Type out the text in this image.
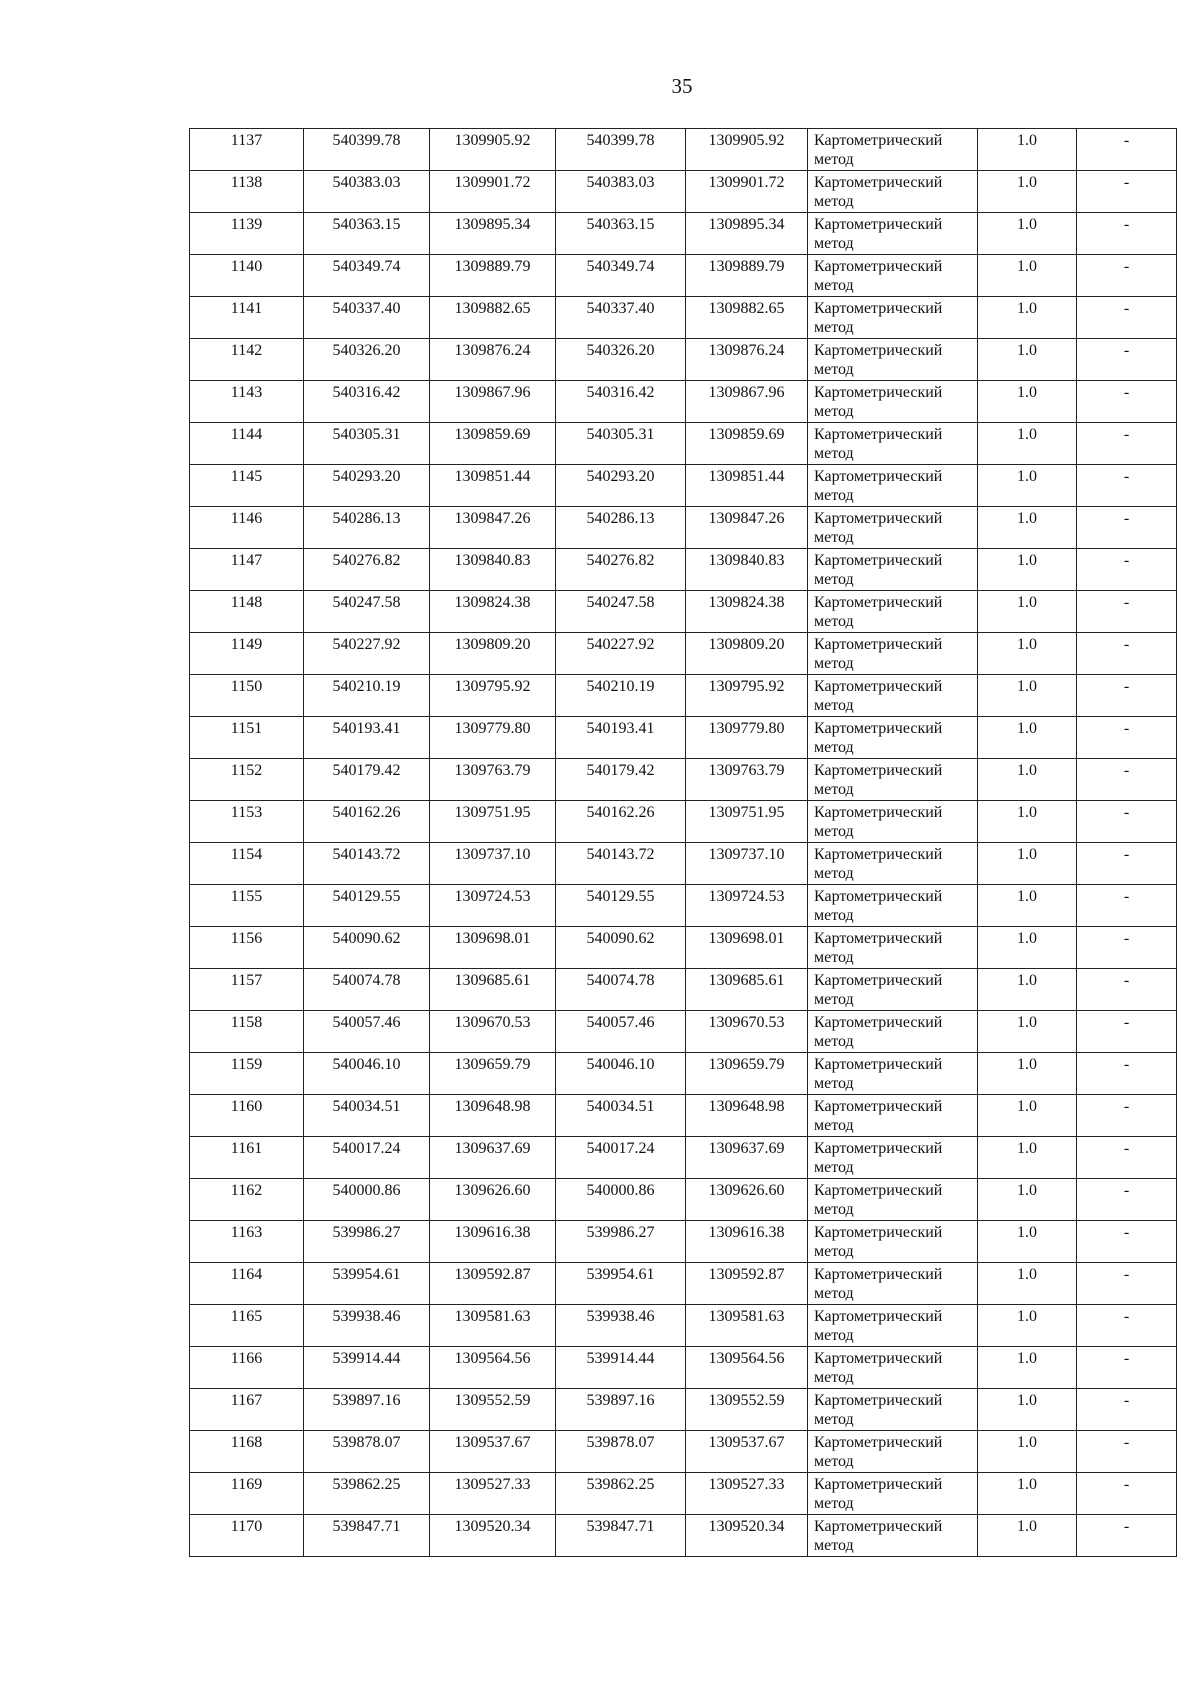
35
1137	540399.78	1309905.92	540399.78	1309905.92	Картометрический метод	1.0	-
1138	540383.03	1309901.72	540383.03	1309901.72	Картометрический метод	1.0	-
1139	540363.15	1309895.34	540363.15	1309895.34	Картометрический метод	1.0	-
1140	540349.74	1309889.79	540349.74	1309889.79	Картометрический метод	1.0	-
1141	540337.40	1309882.65	540337.40	1309882.65	Картометрический метод	1.0	-
1142	540326.20	1309876.24	540326.20	1309876.24	Картометрический метод	1.0	-
1143	540316.42	1309867.96	540316.42	1309867.96	Картометрический метод	1.0	-
1144	540305.31	1309859.69	540305.31	1309859.69	Картометрический метод	1.0	-
1145	540293.20	1309851.44	540293.20	1309851.44	Картометрический метод	1.0	-
1146	540286.13	1309847.26	540286.13	1309847.26	Картометрический метод	1.0	-
1147	540276.82	1309840.83	540276.82	1309840.83	Картометрический метод	1.0	-
1148	540247.58	1309824.38	540247.58	1309824.38	Картометрический метод	1.0	-
1149	540227.92	1309809.20	540227.92	1309809.20	Картометрический метод	1.0	-
1150	540210.19	1309795.92	540210.19	1309795.92	Картометрический метод	1.0	-
1151	540193.41	1309779.80	540193.41	1309779.80	Картометрический метод	1.0	-
1152	540179.42	1309763.79	540179.42	1309763.79	Картометрический метод	1.0	-
1153	540162.26	1309751.95	540162.26	1309751.95	Картометрический метод	1.0	-
1154	540143.72	1309737.10	540143.72	1309737.10	Картометрический метод	1.0	-
1155	540129.55	1309724.53	540129.55	1309724.53	Картометрический метод	1.0	-
1156	540090.62	1309698.01	540090.62	1309698.01	Картометрический метод	1.0	-
1157	540074.78	1309685.61	540074.78	1309685.61	Картометрический метод	1.0	-
1158	540057.46	1309670.53	540057.46	1309670.53	Картометрический метод	1.0	-
1159	540046.10	1309659.79	540046.10	1309659.79	Картометрический метод	1.0	-
1160	540034.51	1309648.98	540034.51	1309648.98	Картометрический метод	1.0	-
1161	540017.24	1309637.69	540017.24	1309637.69	Картометрический метод	1.0	-
1162	540000.86	1309626.60	540000.86	1309626.60	Картометрический метод	1.0	-
1163	539986.27	1309616.38	539986.27	1309616.38	Картометрический метод	1.0	-
1164	539954.61	1309592.87	539954.61	1309592.87	Картометрический метод	1.0	-
1165	539938.46	1309581.63	539938.46	1309581.63	Картометрический метод	1.0	-
1166	539914.44	1309564.56	539914.44	1309564.56	Картометрический метод	1.0	-
1167	539897.16	1309552.59	539897.16	1309552.59	Картометрический метод	1.0	-
1168	539878.07	1309537.67	539878.07	1309537.67	Картометрический метод	1.0	-
1169	539862.25	1309527.33	539862.25	1309527.33	Картометрический метод	1.0	-
1170	539847.71	1309520.34	539847.71	1309520.34	Картометрический метод	1.0	-
